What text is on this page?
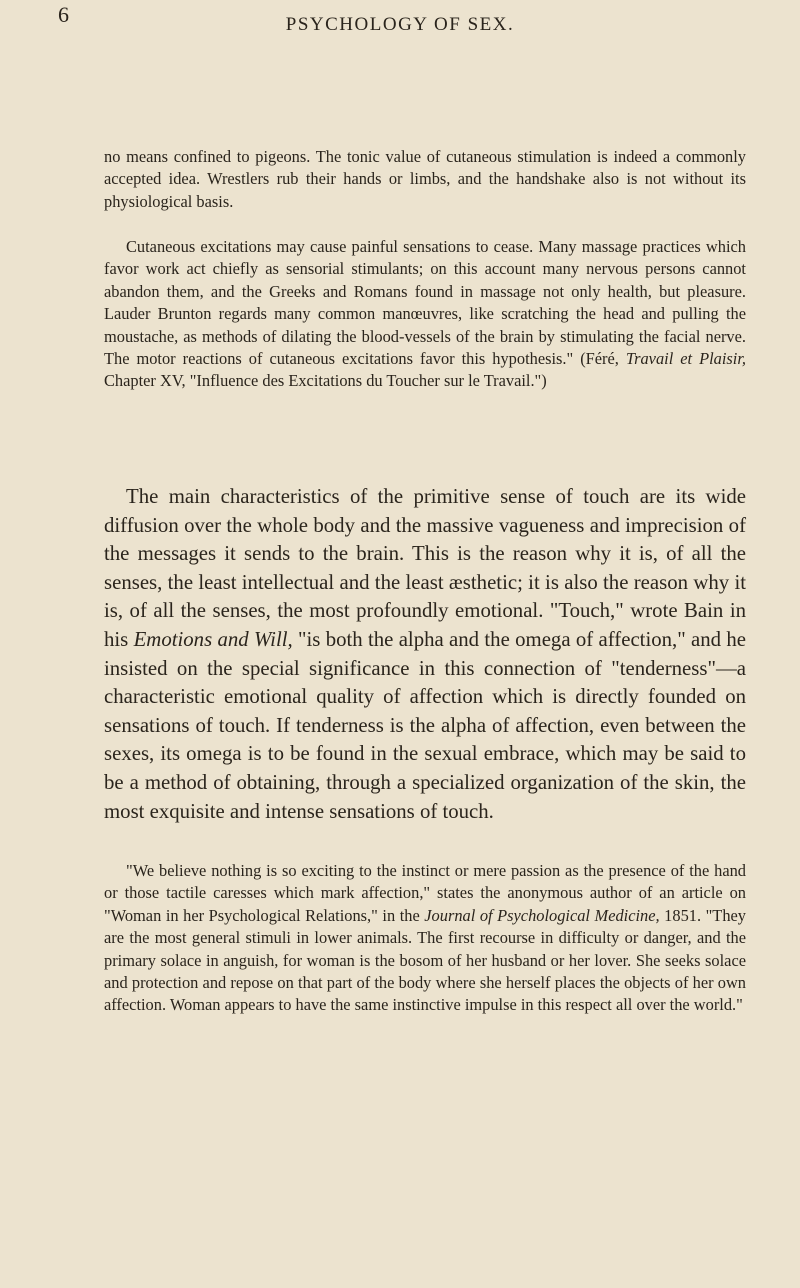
6	PSYCHOLOGY OF SEX.

no means confined to pigeons. The tonic value of cutaneous stimulation is indeed a commonly accepted idea. Wrestlers rub their hands or limbs, and the handshake also is not without its physiological basis.

Cutaneous excitations may cause painful sensations to cease. Many massage practices which favor work act chiefly as sensorial stimulants; on this account many nervous persons cannot abandon them, and the Greeks and Romans found in massage not only health, but pleasure. Lauder Brunton regards many common manœuvres, like scratching the head and pulling the moustache, as methods of dilating the blood-vessels of the brain by stimulating the facial nerve. The motor reactions of cutaneous excitations favor this hypothesis." (Féré, Travail et Plaisir, Chapter XV, "Influence des Excitations du Toucher sur le Travail.")

The main characteristics of the primitive sense of touch are its wide diffusion over the whole body and the massive vagueness and imprecision of the messages it sends to the brain. This is the reason why it is, of all the senses, the least intellectual and the least æsthetic; it is also the reason why it is, of all the senses, the most profoundly emotional. "Touch," wrote Bain in his Emotions and Will, "is both the alpha and the omega of affection," and he insisted on the special significance in this connection of "tenderness"—a characteristic emotional quality of affection which is directly founded on sensations of touch. If tenderness is the alpha of affection, even between the sexes, its omega is to be found in the sexual embrace, which may be said to be a method of obtaining, through a specialized organization of the skin, the most exquisite and intense sensations of touch.

"We believe nothing is so exciting to the instinct or mere passion as the presence of the hand or those tactile caresses which mark affection," states the anonymous author of an article on "Woman in her Psychological Relations," in the Journal of Psychological Medicine, 1851. "They are the most general stimuli in lower animals. The first recourse in difficulty or danger, and the primary solace in anguish, for woman is the bosom of her husband or her lover. She seeks solace and protection and repose on that part of the body where she herself places the objects of her own affection. Woman appears to have the same instinctive impulse in this respect all over the world."
